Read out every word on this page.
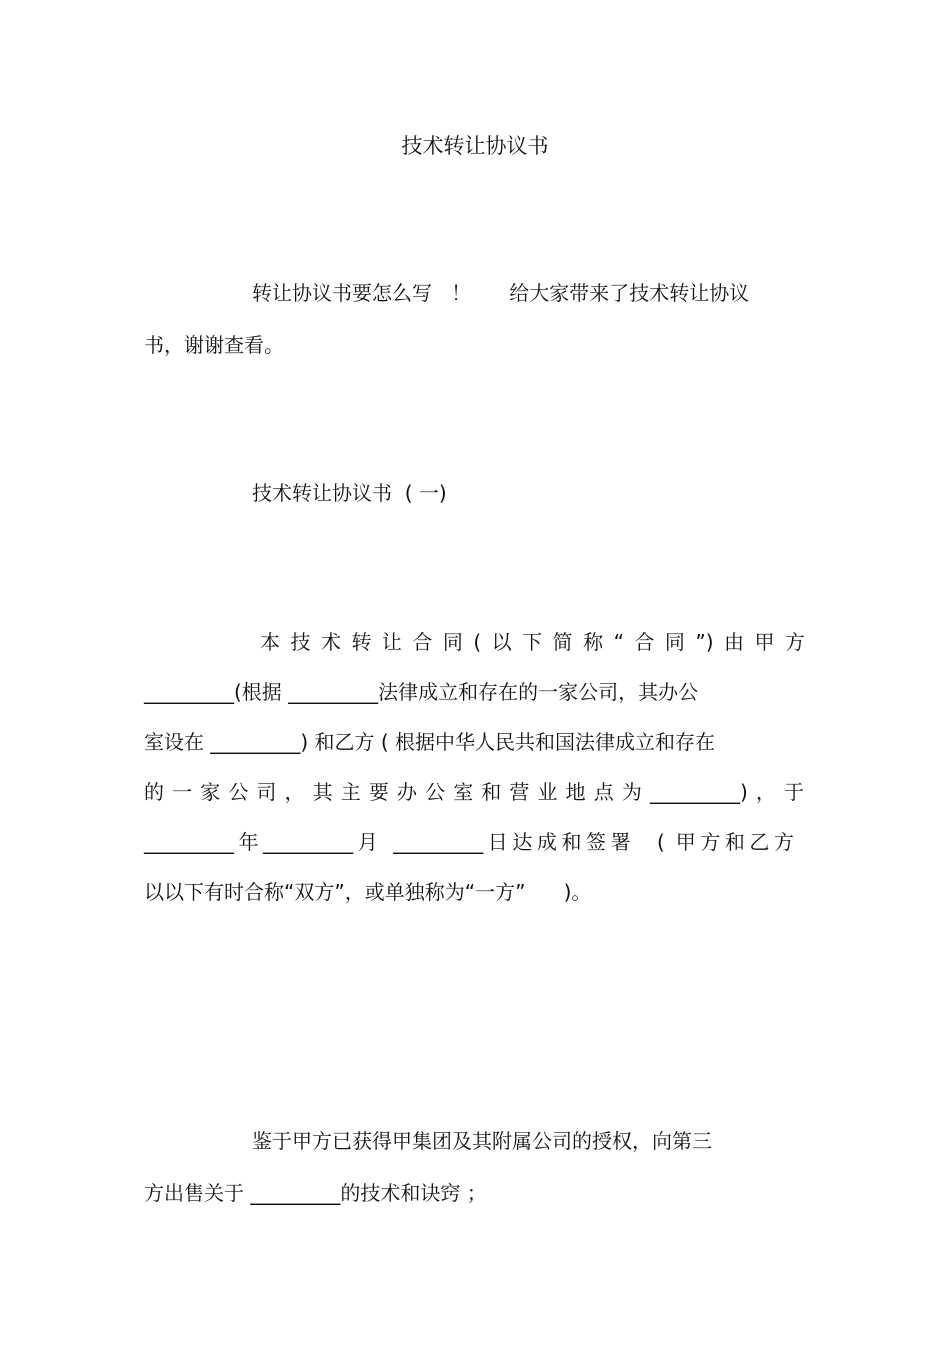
技术转让协议书

转让协议书要怎么写   ！      给大家带来了技术转让协议

书，谢谢查看。

技术转让协议书  ( 一)

本技术转让合同(以下简称“合同”)由甲方

_________(根据 _________法律成立和存在的一家公司，其办公

室设在 _________) 和乙方 ( 根据中华人民共和国法律成立和存在

的一家公司，其主要办公室和营业地点为_________)，于

_________年_________月 _________日达成和签署  ( 甲方和乙方

以以下有时合称“双方”，或单独称为“一方”      )。

鉴于甲方已获得甲集团及其附属公司的授权，向第三

方出售关于 _________的技术和诀窍 ；
